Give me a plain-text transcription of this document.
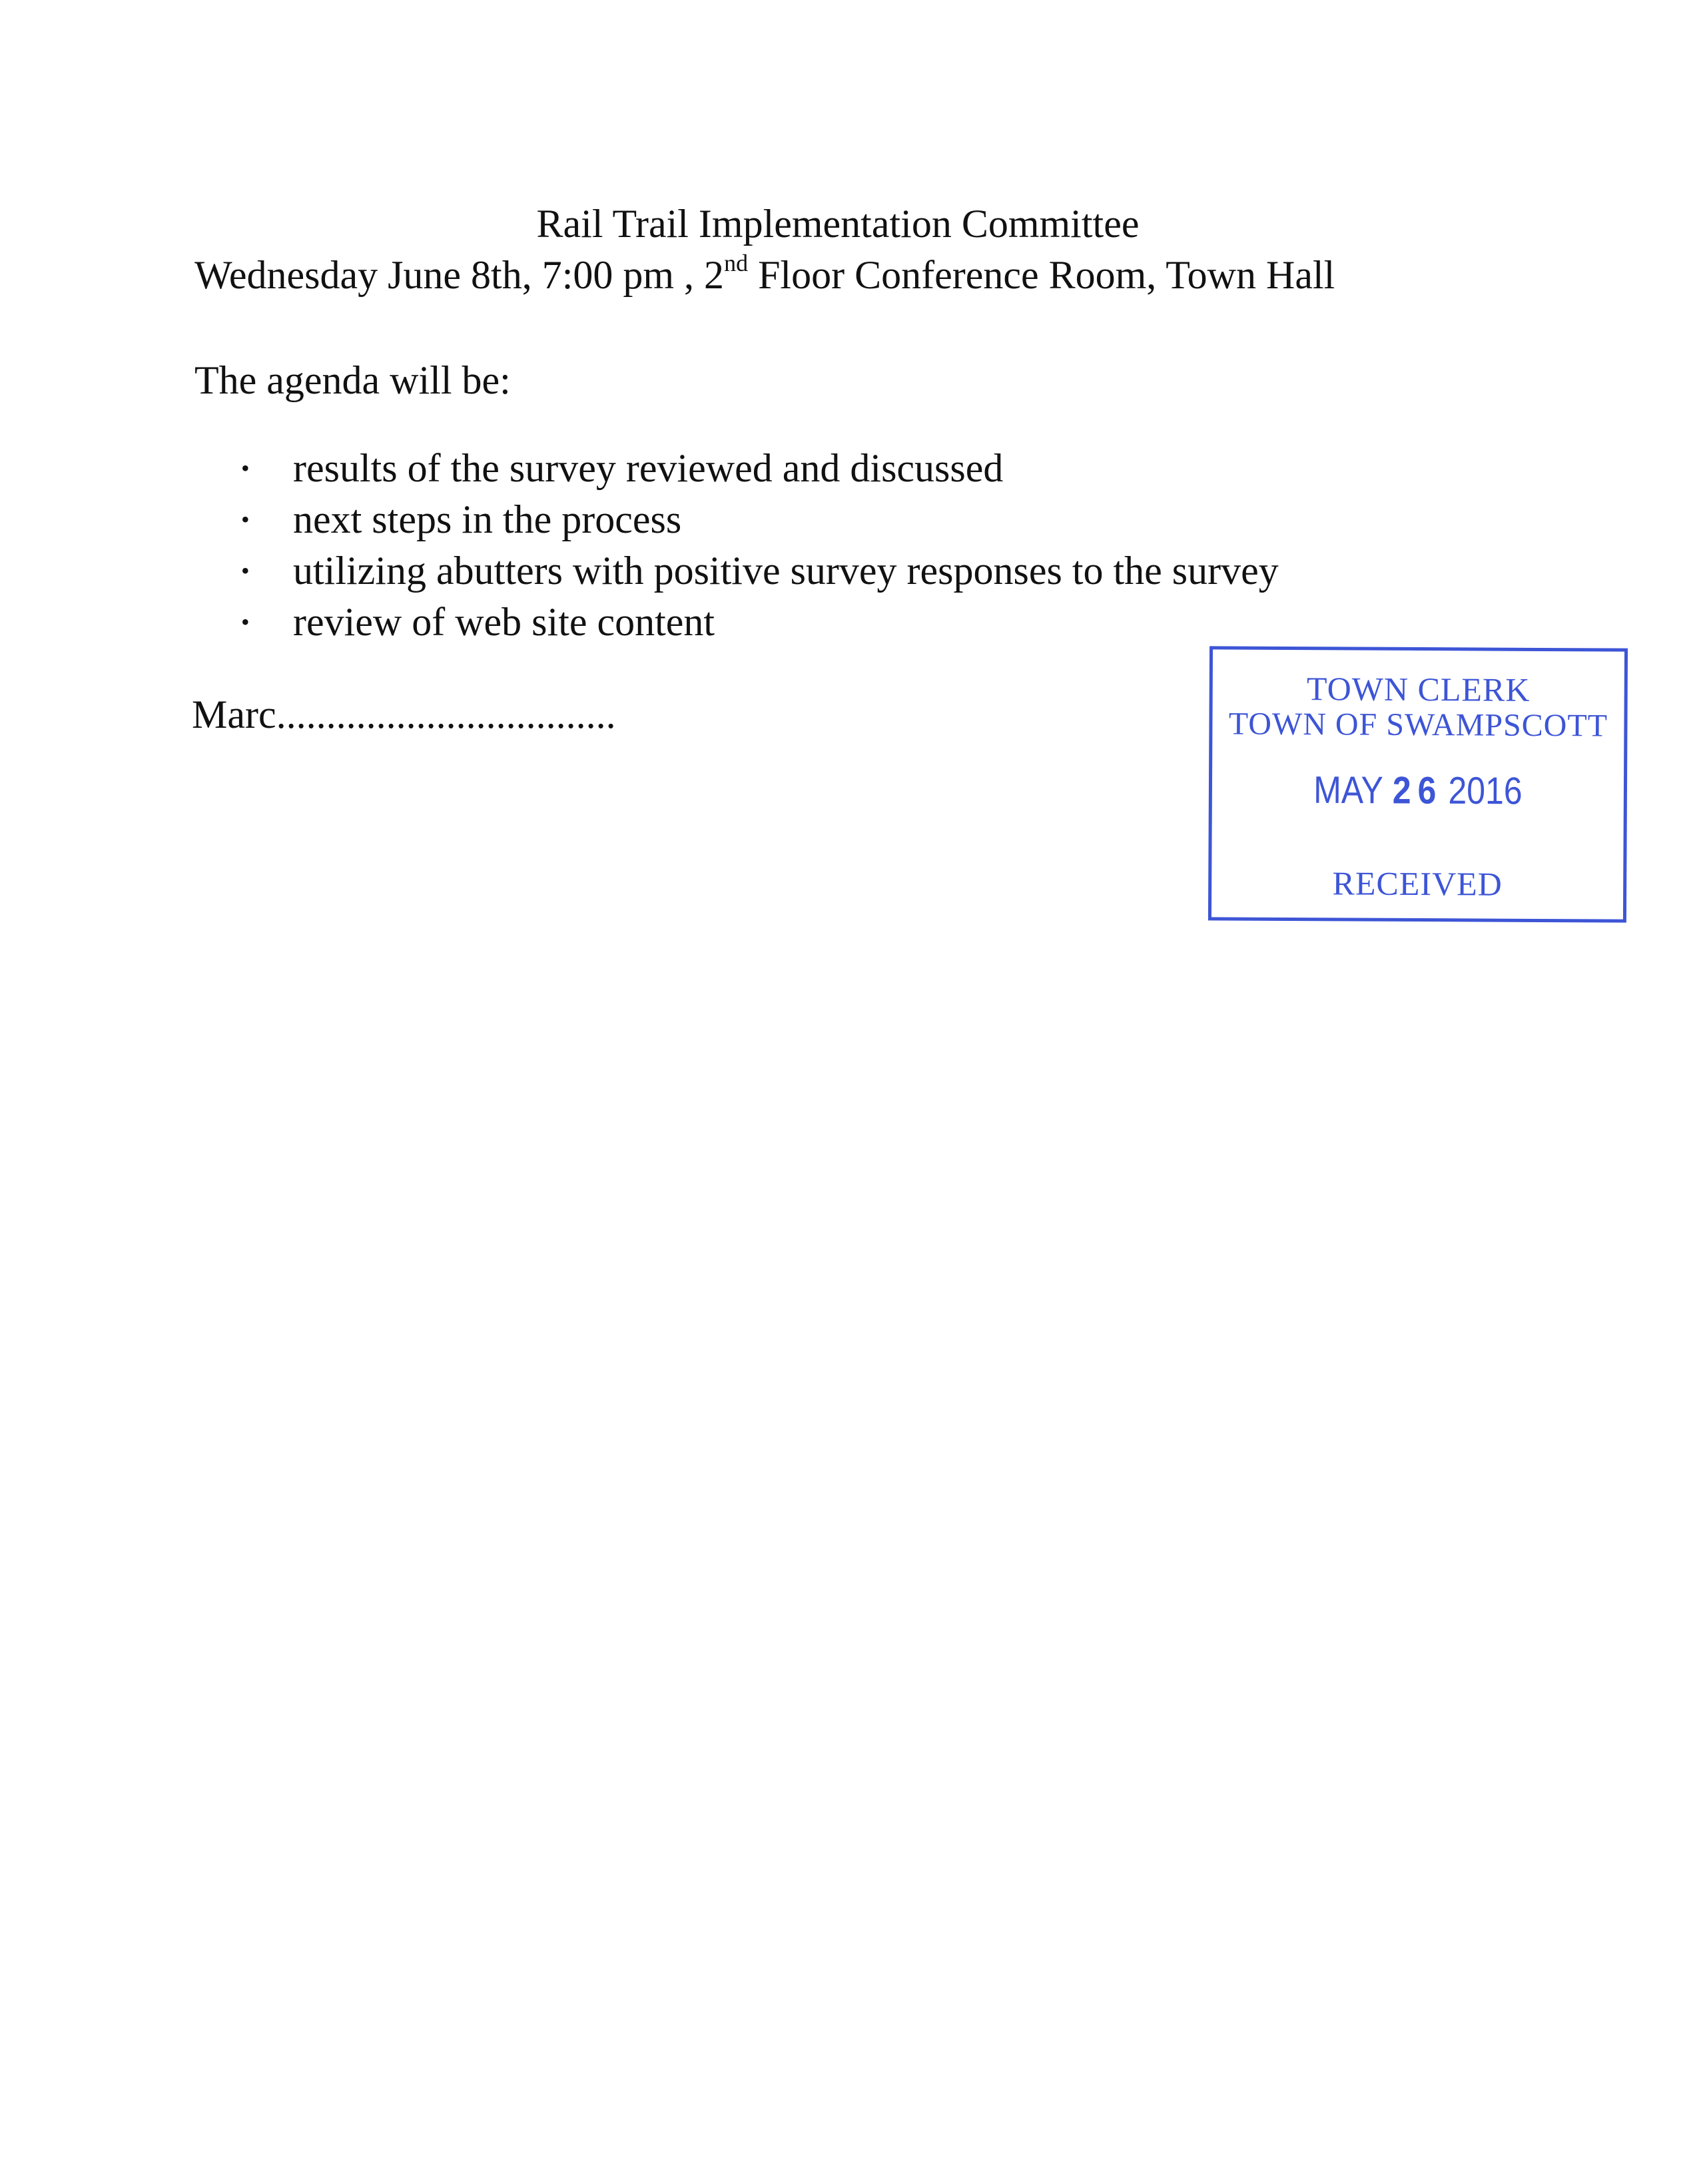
Rail Trail Implementation Committee
Wednesday June 8th, 7:00 pm , 2nd Floor Conference Room, Town Hall
The agenda will be:
• results of the survey reviewed and discussed
• next steps in the process
• utilizing abutters with positive survey responses to the survey
• review of web site content
Marc..................................
TOWN CLERK
TOWN OF SWAMPSCOTT
MAY 26 2016
RECEIVED
